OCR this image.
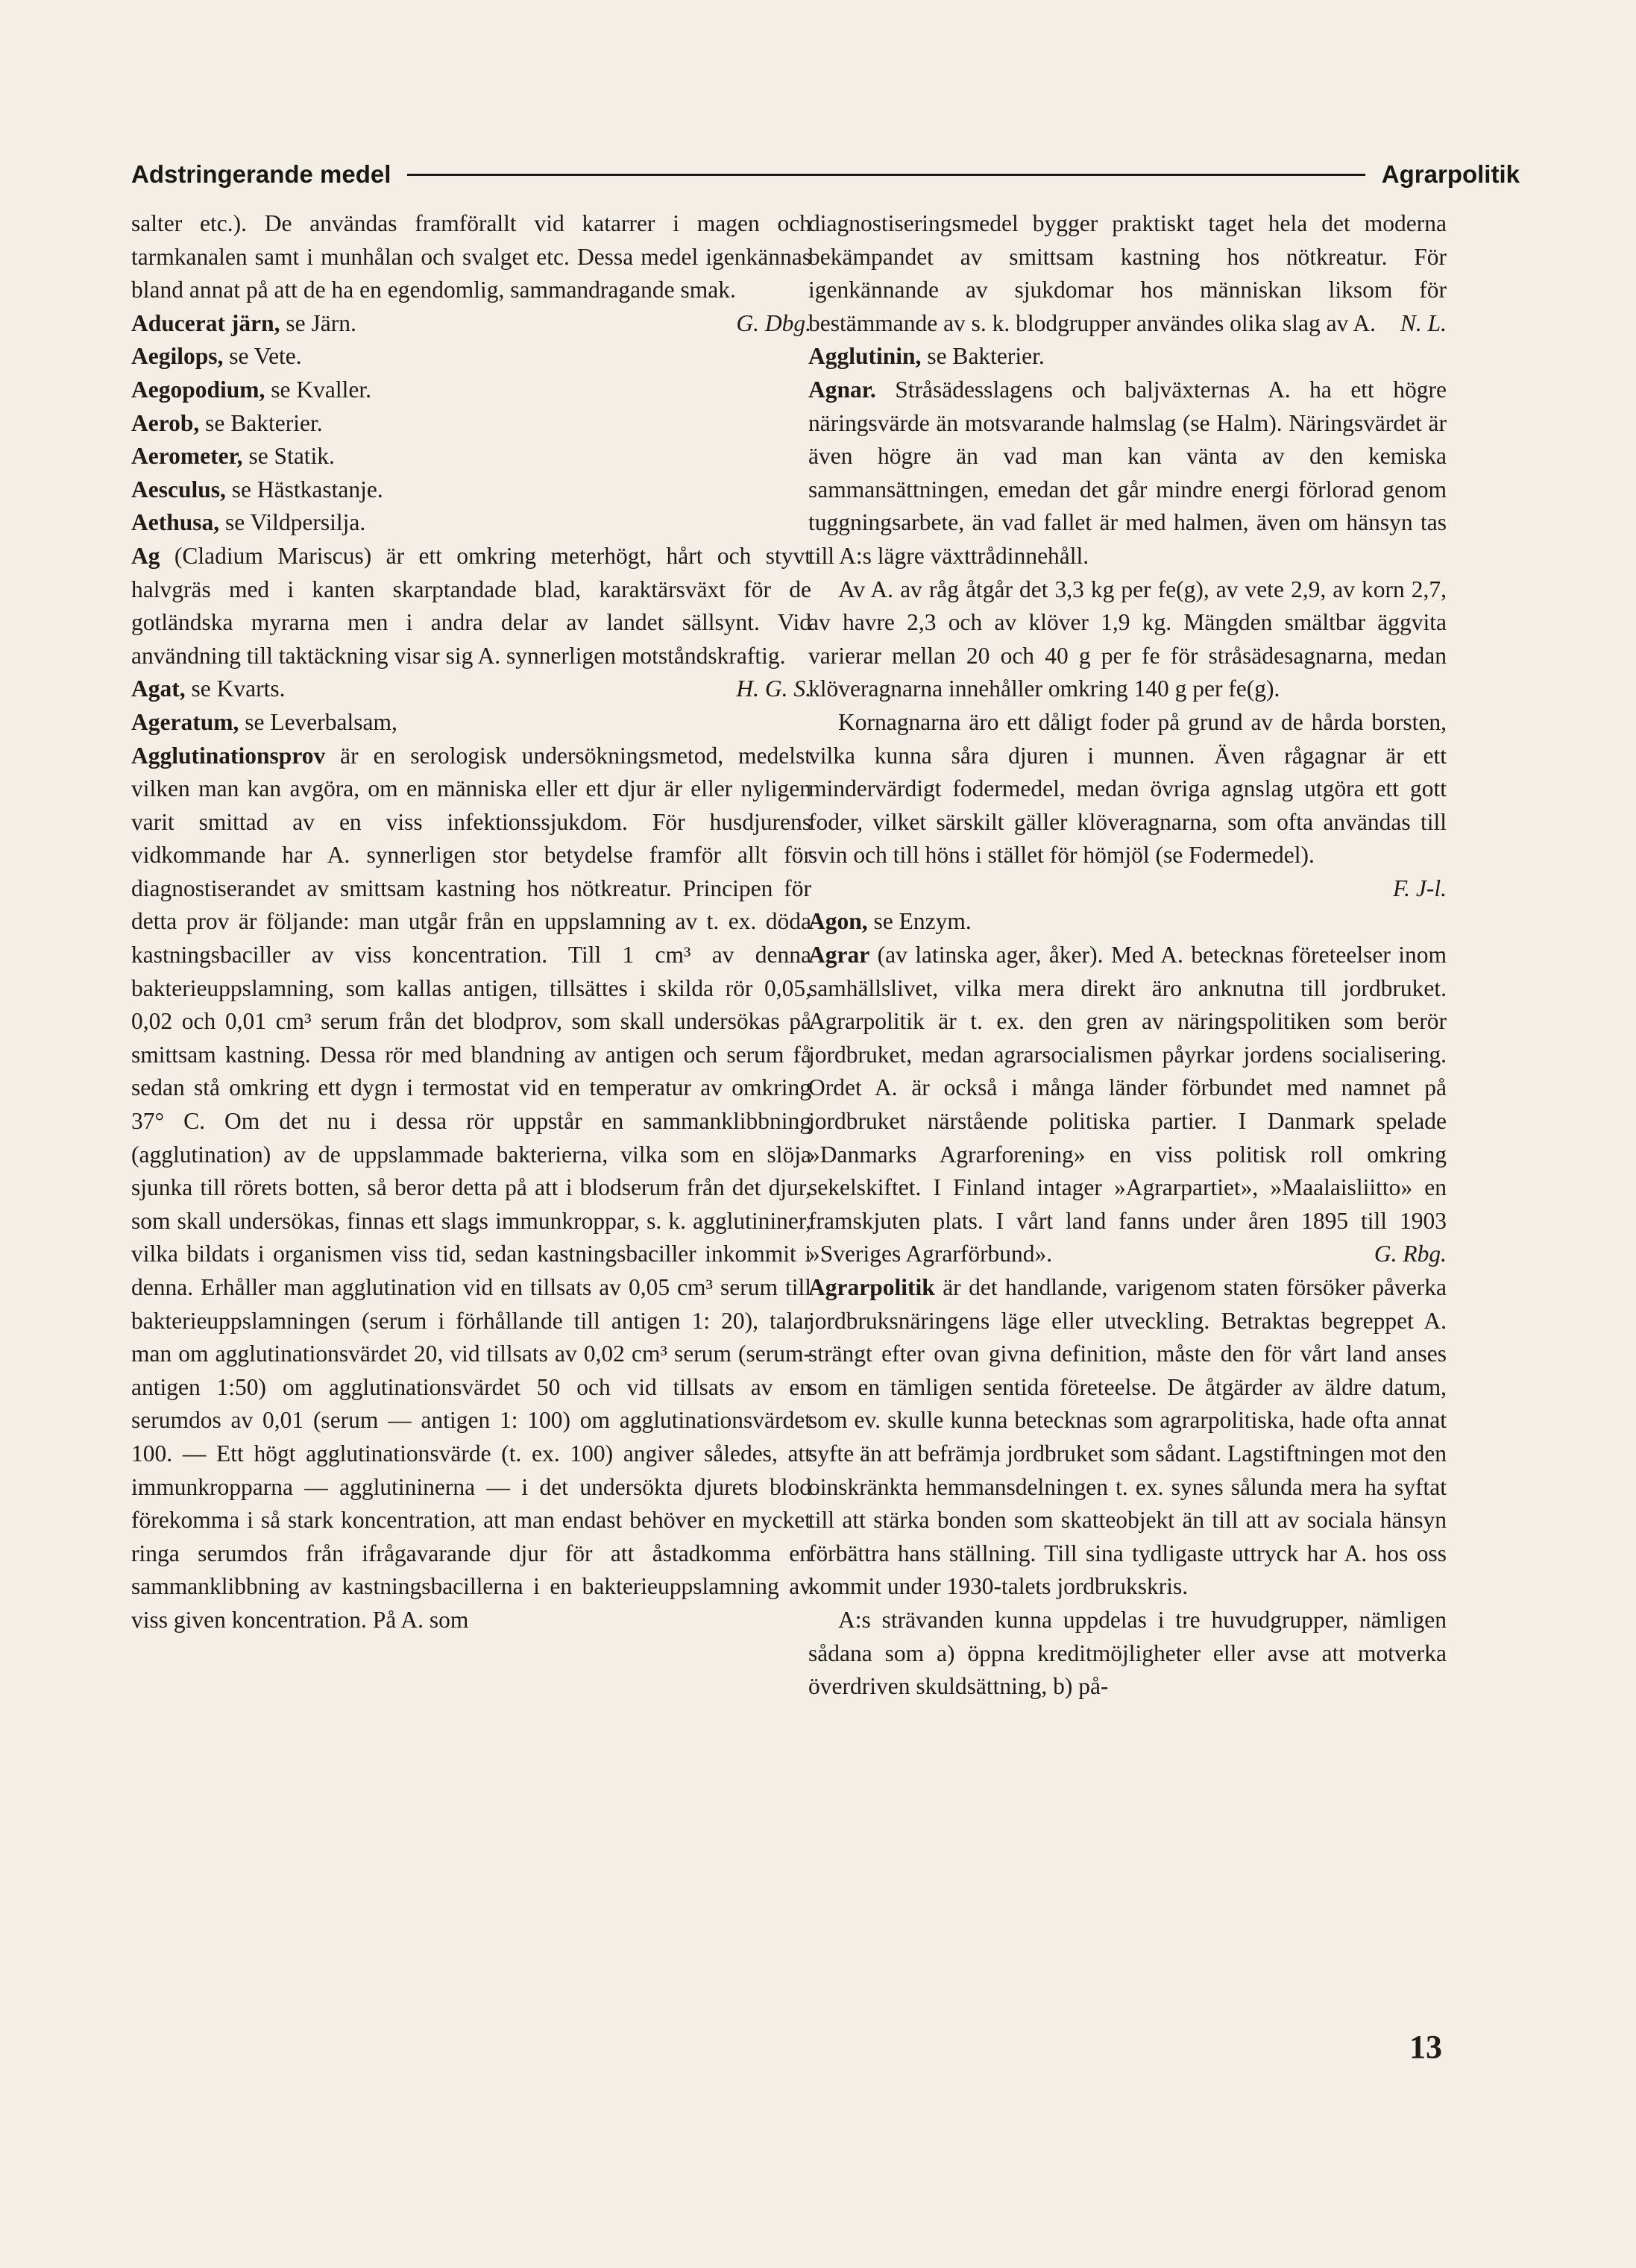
Adstringerande medel	Agrarpolitik

salter etc.). De användas framförallt vid katarrer i magen och tarmkanalen samt i munhålan och svalget etc. Dessa medel igenkännas bland annat på att de ha en egendomlig, sammandragande smak.
G. Dbg.

Aducerat järn, se Järn.

Aegilops, se Vete.

Aegopodium, se Kvaller.

Aerob, se Bakterier.

Aerometer, se Statik.

Aesculus, se Hästkastanje.

Aethusa, se Vildpersilja.

Ag (Cladium Mariscus) är ett omkring meterhögt, hårt och styvt halvgräs med i kanten skarptandade blad, karaktärsväxt för de gotländska myrarna men i andra delar av landet sällsynt. Vid användning till taktäckning visar sig A. synnerligen motståndskraftig.
H. G. S.

Agat, se Kvarts.

Ageratum, se Leverbalsam,

Agglutinationsprov är en serologisk undersökningsmetod, medelst vilken man kan avgöra, om en människa eller ett djur är eller nyligen varit smittad av en viss infektionssjukdom. För husdjurens vidkommande har A. synnerligen stor betydelse framför allt för diagnostiserandet av smittsam kastning hos nötkreatur. Principen för detta prov är följande: man utgår från en uppslamning av t. ex. döda kastningsbaciller av viss koncentration. Till 1 cm³ av denna bakterieuppslamning, som kallas antigen, tillsättes i skilda rör 0,05, 0,02 och 0,01 cm³ serum från det blodprov, som skall undersökas på smittsam kastning. Dessa rör med blandning av antigen och serum få sedan stå omkring ett dygn i termostat vid en temperatur av omkring 37° C. Om det nu i dessa rör uppstår en sammanklibbning (agglutination) av de uppslammade bakterierna, vilka som en slöja sjunka till rörets botten, så beror detta på att i blodserum från det djur, som skall undersökas, finnas ett slags immunkroppar, s. k. agglutininer, vilka bildats i organismen viss tid, sedan kastningsbaciller inkommit i denna. Erhåller man agglutination vid en tillsats av 0,05 cm³ serum till bakterieuppslamningen (serum i förhållande till antigen 1: 20), talar man om agglutinationsvärdet 20, vid tillsats av 0,02 cm³ serum (serum-antigen 1:50) om agglutinationsvärdet 50 och vid tillsats av en serumdos av 0,01 (serum — antigen 1: 100) om agglutinationsvärdet 100. — Ett högt agglutinationsvärde (t. ex. 100) angiver således, att immunkropparna — agglutininerna — i det undersökta djurets blod förekomma i så stark koncentration, att man endast behöver en mycket ringa serumdos från ifrågavarande djur för att åstadkomma en sammanklibbning av kastningsbacillerna i en bakterieuppslamning av viss given koncentration. På A. som

diagnostiseringsmedel bygger praktiskt taget hela det moderna bekämpandet av smittsam kastning hos nötkreatur. För igenkännande av sjukdomar hos människan liksom för bestämmande av s. k. blodgrupper användes olika slag av A.	N. L.

Agglutinin, se Bakterier.

Agnar. Stråsädesslagens och baljväxternas A. ha ett högre näringsvärde än motsvarande halmslag (se Halm). Näringsvärdet är även högre än vad man kan vänta av den kemiska sammansättningen, emedan det går mindre energi förlorad genom tuggningsarbete, än vad fallet är med halmen, även om hänsyn tas till A:s lägre växttrådinnehåll.

Av A. av råg åtgår det 3,3 kg per fe(g), av vete 2,9, av korn 2,7, av havre 2,3 och av klöver 1,9 kg. Mängden smältbar äggvita varierar mellan 20 och 40 g per fe för stråsädesagnarna, medan klöveragnarna innehåller omkring 140 g per fe(g).

Kornagnarna äro ett dåligt foder på grund av de hårda borsten, vilka kunna såra djuren i munnen. Även rågagnar är ett mindervärdigt fodermedel, medan övriga agnslag utgöra ett gott foder, vilket särskilt gäller klöveragnarna, som ofta användas till svin och till höns i stället för hömjöl (se Fodermedel).

F. J-l.

Agon, se Enzym.

Agrar (av latinska ager, åker). Med A. betecknas företeelser inom samhällslivet, vilka mera direkt äro anknutna till jordbruket. Agrarpolitik är t. ex. den gren av näringspolitiken som berör jordbruket, medan agrarsocialismen påyrkar jordens socialisering. Ordet A. är också i många länder förbundet med namnet på jordbruket närstående politiska partier. I Danmark spelade »Danmarks Agrarforening» en viss politisk roll omkring sekelskiftet. I Finland intager »Agrarpartiet», »Maalaisliitto» en framskjuten plats. I vårt land fanns under åren 1895 till 1903 »Sveriges Agrarförbund».	G. Rbg.

Agrarpolitik är det handlande, varigenom staten försöker påverka jordbruksnäringens läge eller utveckling. Betraktas begreppet A. strängt efter ovan givna definition, måste den för vårt land anses som en tämligen sentida företeelse. De åtgärder av äldre datum, som ev. skulle kunna betecknas som agrarpolitiska, hade ofta annat syfte än att befrämja jordbruket som sådant. Lagstiftningen mot den oinskränkta hemmansdelningen t. ex. synes sålunda mera ha syftat till att stärka bonden som skatteobjekt än till att av sociala hänsyn förbättra hans ställning. Till sina tydligaste uttryck har A. hos oss kommit under 1930-talets jordbrukskris.

A:s strävanden kunna uppdelas i tre huvudgrupper, nämligen sådana som a) öppna kreditmöjligheter eller avse att motverka överdriven skuldsättning, b) på-

13
